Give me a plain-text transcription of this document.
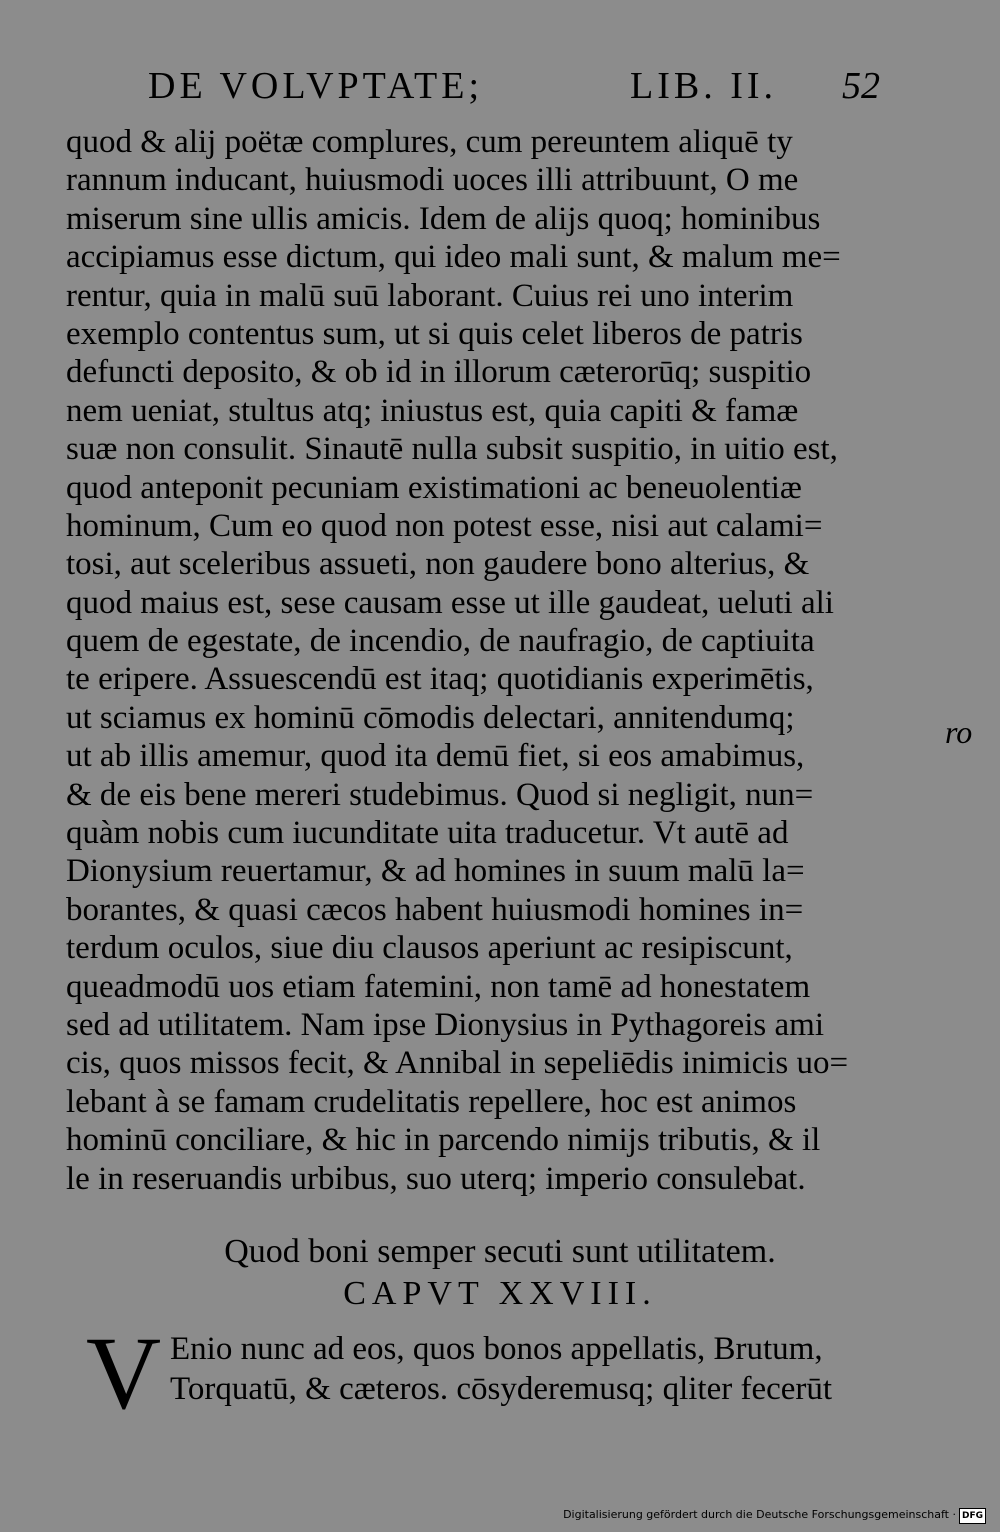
DE VOLVPTATE;	LIB. II. 52
quod & alij poëtæ complures, cum pereuntem aliquē ty
rannum inducant, huiusmodi uoces illi attribuunt, O me
miserum sine ullis amicis. Idem de alijs quoq; hominibus
accipiamus esse dictum, qui ideo mali sunt, & malum me=
rentur, quia in malū suū laborant. Cuius rei uno interim
exemplo contentus sum, ut si quis celet liberos de patris
defuncti deposito, & ob id in illorum cæterorūq; suspitio
nem ueniat, stultus atq; iniustus est, quia capiti & famæ
suæ non consulit. Sinautē nulla subsit suspitio, in uitio est,
quod anteponit pecuniam existimationi ac beneuolentiæ
hominum, Cum eo quod non potest esse, nisi aut calami=
tosi, aut sceleribus assueti, non gaudere bono alterius, &
quod maius est, sese causam esse ut ille gaudeat, ueluti ali
quem de egestate, de incendio, de naufragio, de captiuita
te eripere. Assuescendū est itaq; quotidianis experimētis,
ut sciamus ex hominū cōmodis delectari, annitendumq;
ut ab illis amemur, quod ita demū fiet, si eos amabimus,
& de eis bene mereri studebimus. Quod si negligit, nun=
quàm nobis cum iucunditate uita traducetur. Vt autē ad
Dionysium reuertamur, & ad homines in suum malū la=
borantes, & quasi cæcos habent huiusmodi homines in=
terdum oculos, siue diu clausos aperiunt ac resipiscunt,
queadmodū uos etiam fatemini, non tamē ad honestatem
sed ad utilitatem. Nam ipse Dionysius in Pythagoreis ami
cis, quos missos fecit, & Annibal in sepeliēdis inimicis uo=
lebant à se famam crudelitatis repellere, hoc est animos
hominū conciliare, & hic in parcendo nimijs tributis, & il
le in reseruandis urbibus, suo uterq; imperio consulebat.
ro
Quod boni semper secuti sunt utilitatem.
CAPVT XXVIII.
V Enio nunc ad eos, quos bonos appellatis, Brutum,
Torquatū, & cæteros. cōsyderemusq; qliter fecerūt
Digitalisierung gefördert durch die Deutsche Forschungsgemeinschaft · DFG
